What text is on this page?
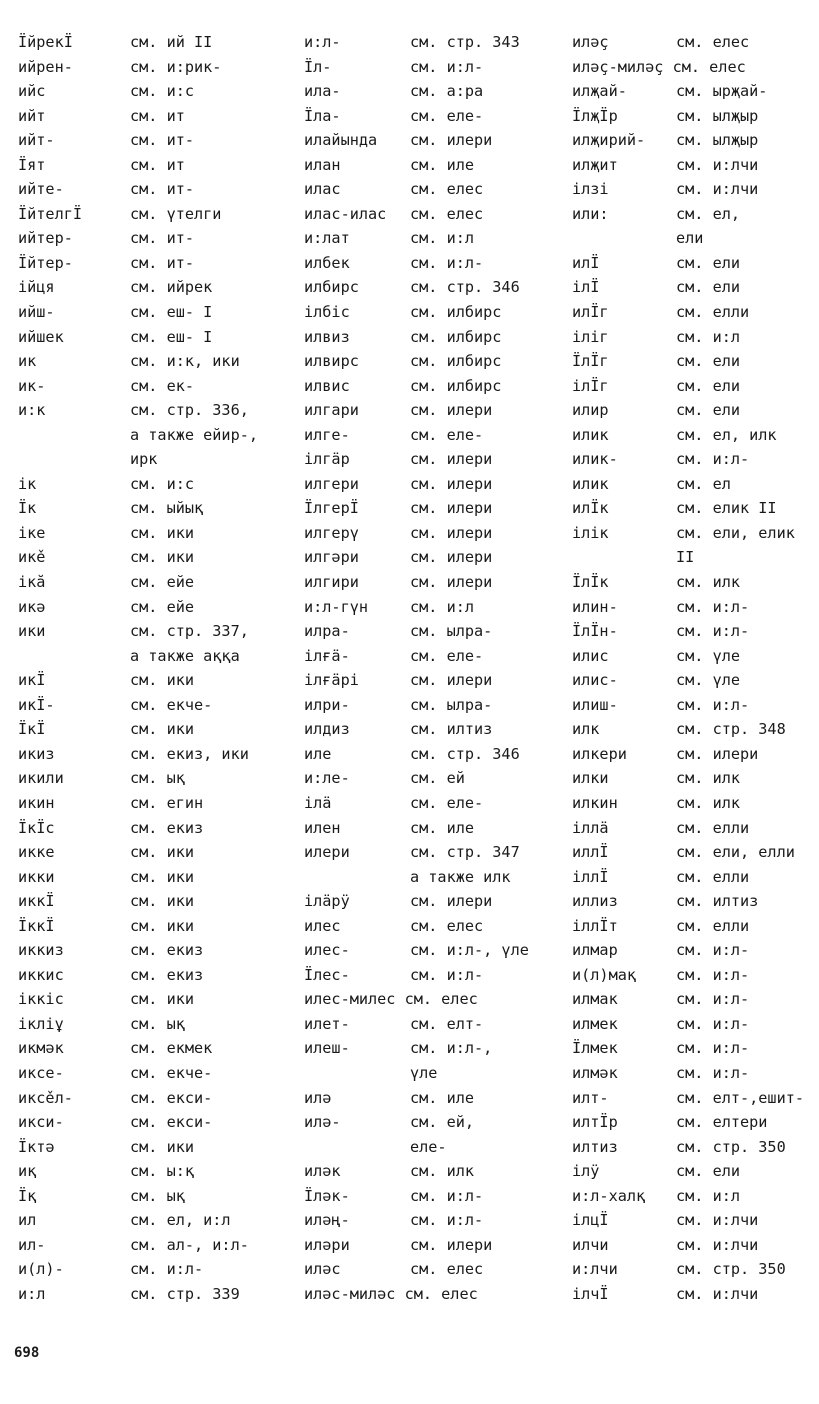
ЇйрекЇ	см. ий II
ийрен-	см. и:рик-
ийс	см. и:с
ийт	см. ит
ийт-	см. ит-
Їят	см. ит
ийте-	см. ит-
ЇйтелгЇ	см. үтелги
ийтер-	см. ит-
Їйтер-	см. ит-
ійця	см. ийрек
ийш-	см. еш- I
ийшек	см. еш- I
ик	см. и:к, ики
ик-	см. ек-
и:к	см. стр. 336,
а также ейир-,
ирк
ік	см. и:с
Їк	см. ыйық
іке	см. ики
икě	см. ики
ікӑ	см. ейе
икә	см. ейе
ики	см. стр. 337,
а также аққа
икЇ	см. ики
икЇ-	см. екче-
ЇкЇ	см. ики
икиз	см. екиз, ики
икили	см. ық
икин	см. егин
ЇкЇс	см. екиз
икке	см. ики
икки	см. ики
иккЇ	см. ики
ЇккЇ	см. ики
иккиз	см. екиз
иккис	см. екиз
іккіс	см. ики
ікліұ	см. ық
икмәк	см. екмек
иксе-	см. екче-
иксěл-	см. екси-
икси-	см. екси-
Їктә	см. ики
иқ	см. ы:қ
Їқ	см. ық
ил	см. ел, и:л
ил-	см. ал-, и:л-
и(л)-	см. и:л-
и:л	см. стр. 339
и:л-	см. стр. 343
Їл-	см. и:л-
ила-	см. а:ра
Їла-	см. еле-
илайында см. илери
илан	см. иле
илас	см. елес
илас-илас см. елес
и:лат	см. и:л
илбек	см. и:л-
илбирс	см. стр. 346
ілбіс	см. илбирс
илвиз	см. илбирс
илвирс	см. илбирс
илвис	см. илбирс
илгари	см. илери
илге-	см. еле-
ілгӓр	см. илери
илгери	см. илери
ЇлгерЇ	см. илери
илгерү	см. илери
илгәри	см. илери
илгири	см. илери
и:л-гүн	см. и:л
илра-	см. ылра-
ілғӓ-	см. еле-
ілғӓрі	см. илери
илри-	см. ылра-
илдиз	см. илтиз
иле	см. стр. 346
и:ле-	см. ей
ілӓ	см. еле-
илен	см. иле
илери	см. стр. 347
а также илк
ілӓрӱ	см. илери
илес	см. елес
илес-	см. и:л-, үле
Їлес-	см. и:л-
илес-милес см. елес
илет-	см. елт-
илеш-	см. и:л-,
үле
илә	см. иле
илә-	см. ей,
еле-
иләк	см. илк
Їләк-	см. и:л-
иләң-	см. и:л-
иләри	см. илери
иләс	см. елес
иләс-миләс см. елес
иләç	см. елес
иләç-миләç см. елес
илҗай-	см. ырҗай-
ЇлҗЇр	см. ылҗыр
илҗирий- см. ылҗыр
илҗит	см. и:лчи
ілзі	см. и:лчи
или:	см. ел,
ели
илЇ	см. ели
ілЇ	см. ели
илЇг	см. елли
іліг	см. и:л
ЇлЇг	см. ели
ілЇг	см. ели
илир	см. ели
илик	см. ел, илк
илик-	см. и:л-
илик	см. ел
илЇк	см. елик II
ілік	см. ели, елик
II
ЇлЇк	см. илк
илин-	см. и:л-
ЇлЇн-	см. и:л-
илис	см. үле
илис-	см. үле
илиш-	см. и:л-
илк	см. стр. 348
илкери	см. илери
илки	см. илк
илкин	см. илк
іллӓ	см. елли
иллЇ	см. ели, елли
іллЇ	см. елли
иллиз	см. илтиз
іллЇт	см. елли
илмар	см. и:л-
и(л)мақ	см. и:л-
илмак	см. и:л-
илмек	см. и:л-
Їлмек	см. и:л-
илмәк	см. и:л-
илт-	см. елт-,ешит-
илтЇр	см. елтери
илтиз	см. стр. 350
ілӱ	см. ели
и:л-халқ см. и:л
ілцЇ	см. и:лчи
илчи	см. и:лчи
и:лчи	см. стр. 350
ілчЇ	см. и:лчи
698
